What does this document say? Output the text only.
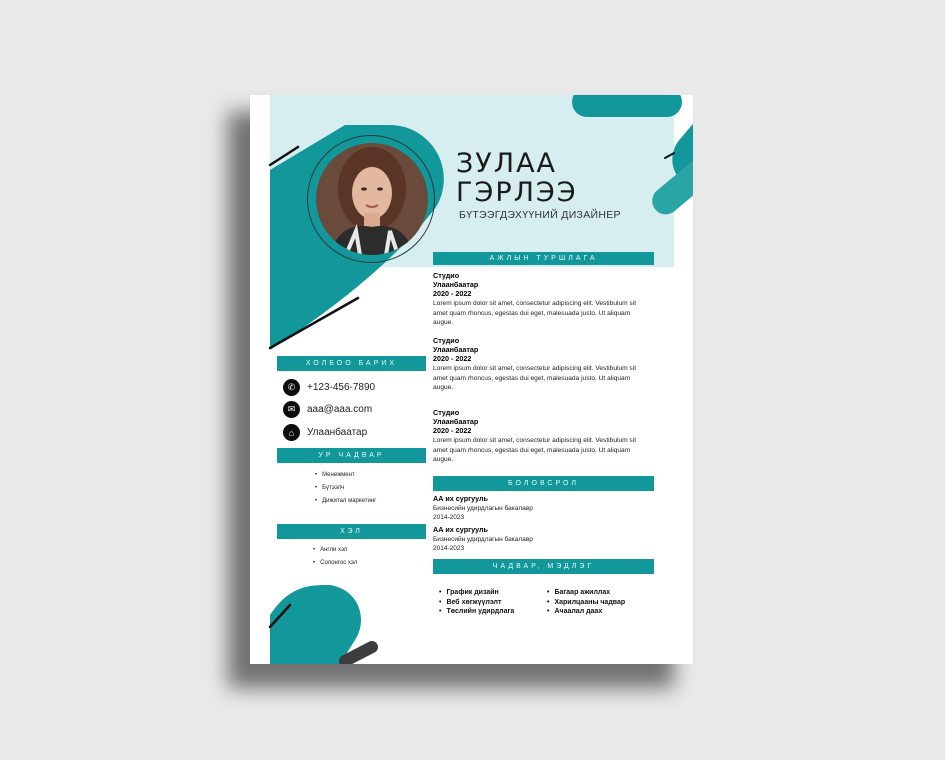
ЗУЛАА
ГЭРЛЭЭ
БҮТЭЭГДЭХҮҮНИЙ ДИЗАЙНЕР
АЖЛЫН ТУРШЛАГА
ХОЛБОО БАРИХ
УР ЧАДВАР
ХЭЛ
БОЛОВСРОЛ
ЧАДВАР, МЭДЛЭГ
✆	+123-456-7890
✉	aaa@aaa.com
⌂	Улаанбаатар
• Менежмент
• Бүтээлч
• Дижитал маркетинг
• Англи хэл
• Солонгос хэл
Студио
Улаанбаатар
2020 - 2022
Lorem ipsum dolor sit amet, consectetur adipiscing elit. Vestibulum sit amet quam rhoncus, egestas dui eget, malesuada justo. Ut aliquam augue.
Студио
Улаанбаатар
2020 - 2022
Lorem ipsum dolor sit amet, consectetur adipiscing elit. Vestibulum sit amet quam rhoncus, egestas dui eget, malesuada justo. Ut aliquam augue.
Студио
Улаанбаатар
2020 - 2022
Lorem ipsum dolor sit amet, consectetur adipiscing elit. Vestibulum sit amet quam rhoncus, egestas dui eget, malesuada justo. Ut aliquam augue.
АА их сургууль
Бизнесийн удирдлагын бакалавр
2014-2023
АА их сургууль
Бизнесийн удирдлагын бакалавр
2014-2023
• График дизайн
• Веб хөгжүүлэлт
• Төслийн удирдлага
• Багаар ажиллах
• Харилцааны чадвар
• Ачаалал даах
